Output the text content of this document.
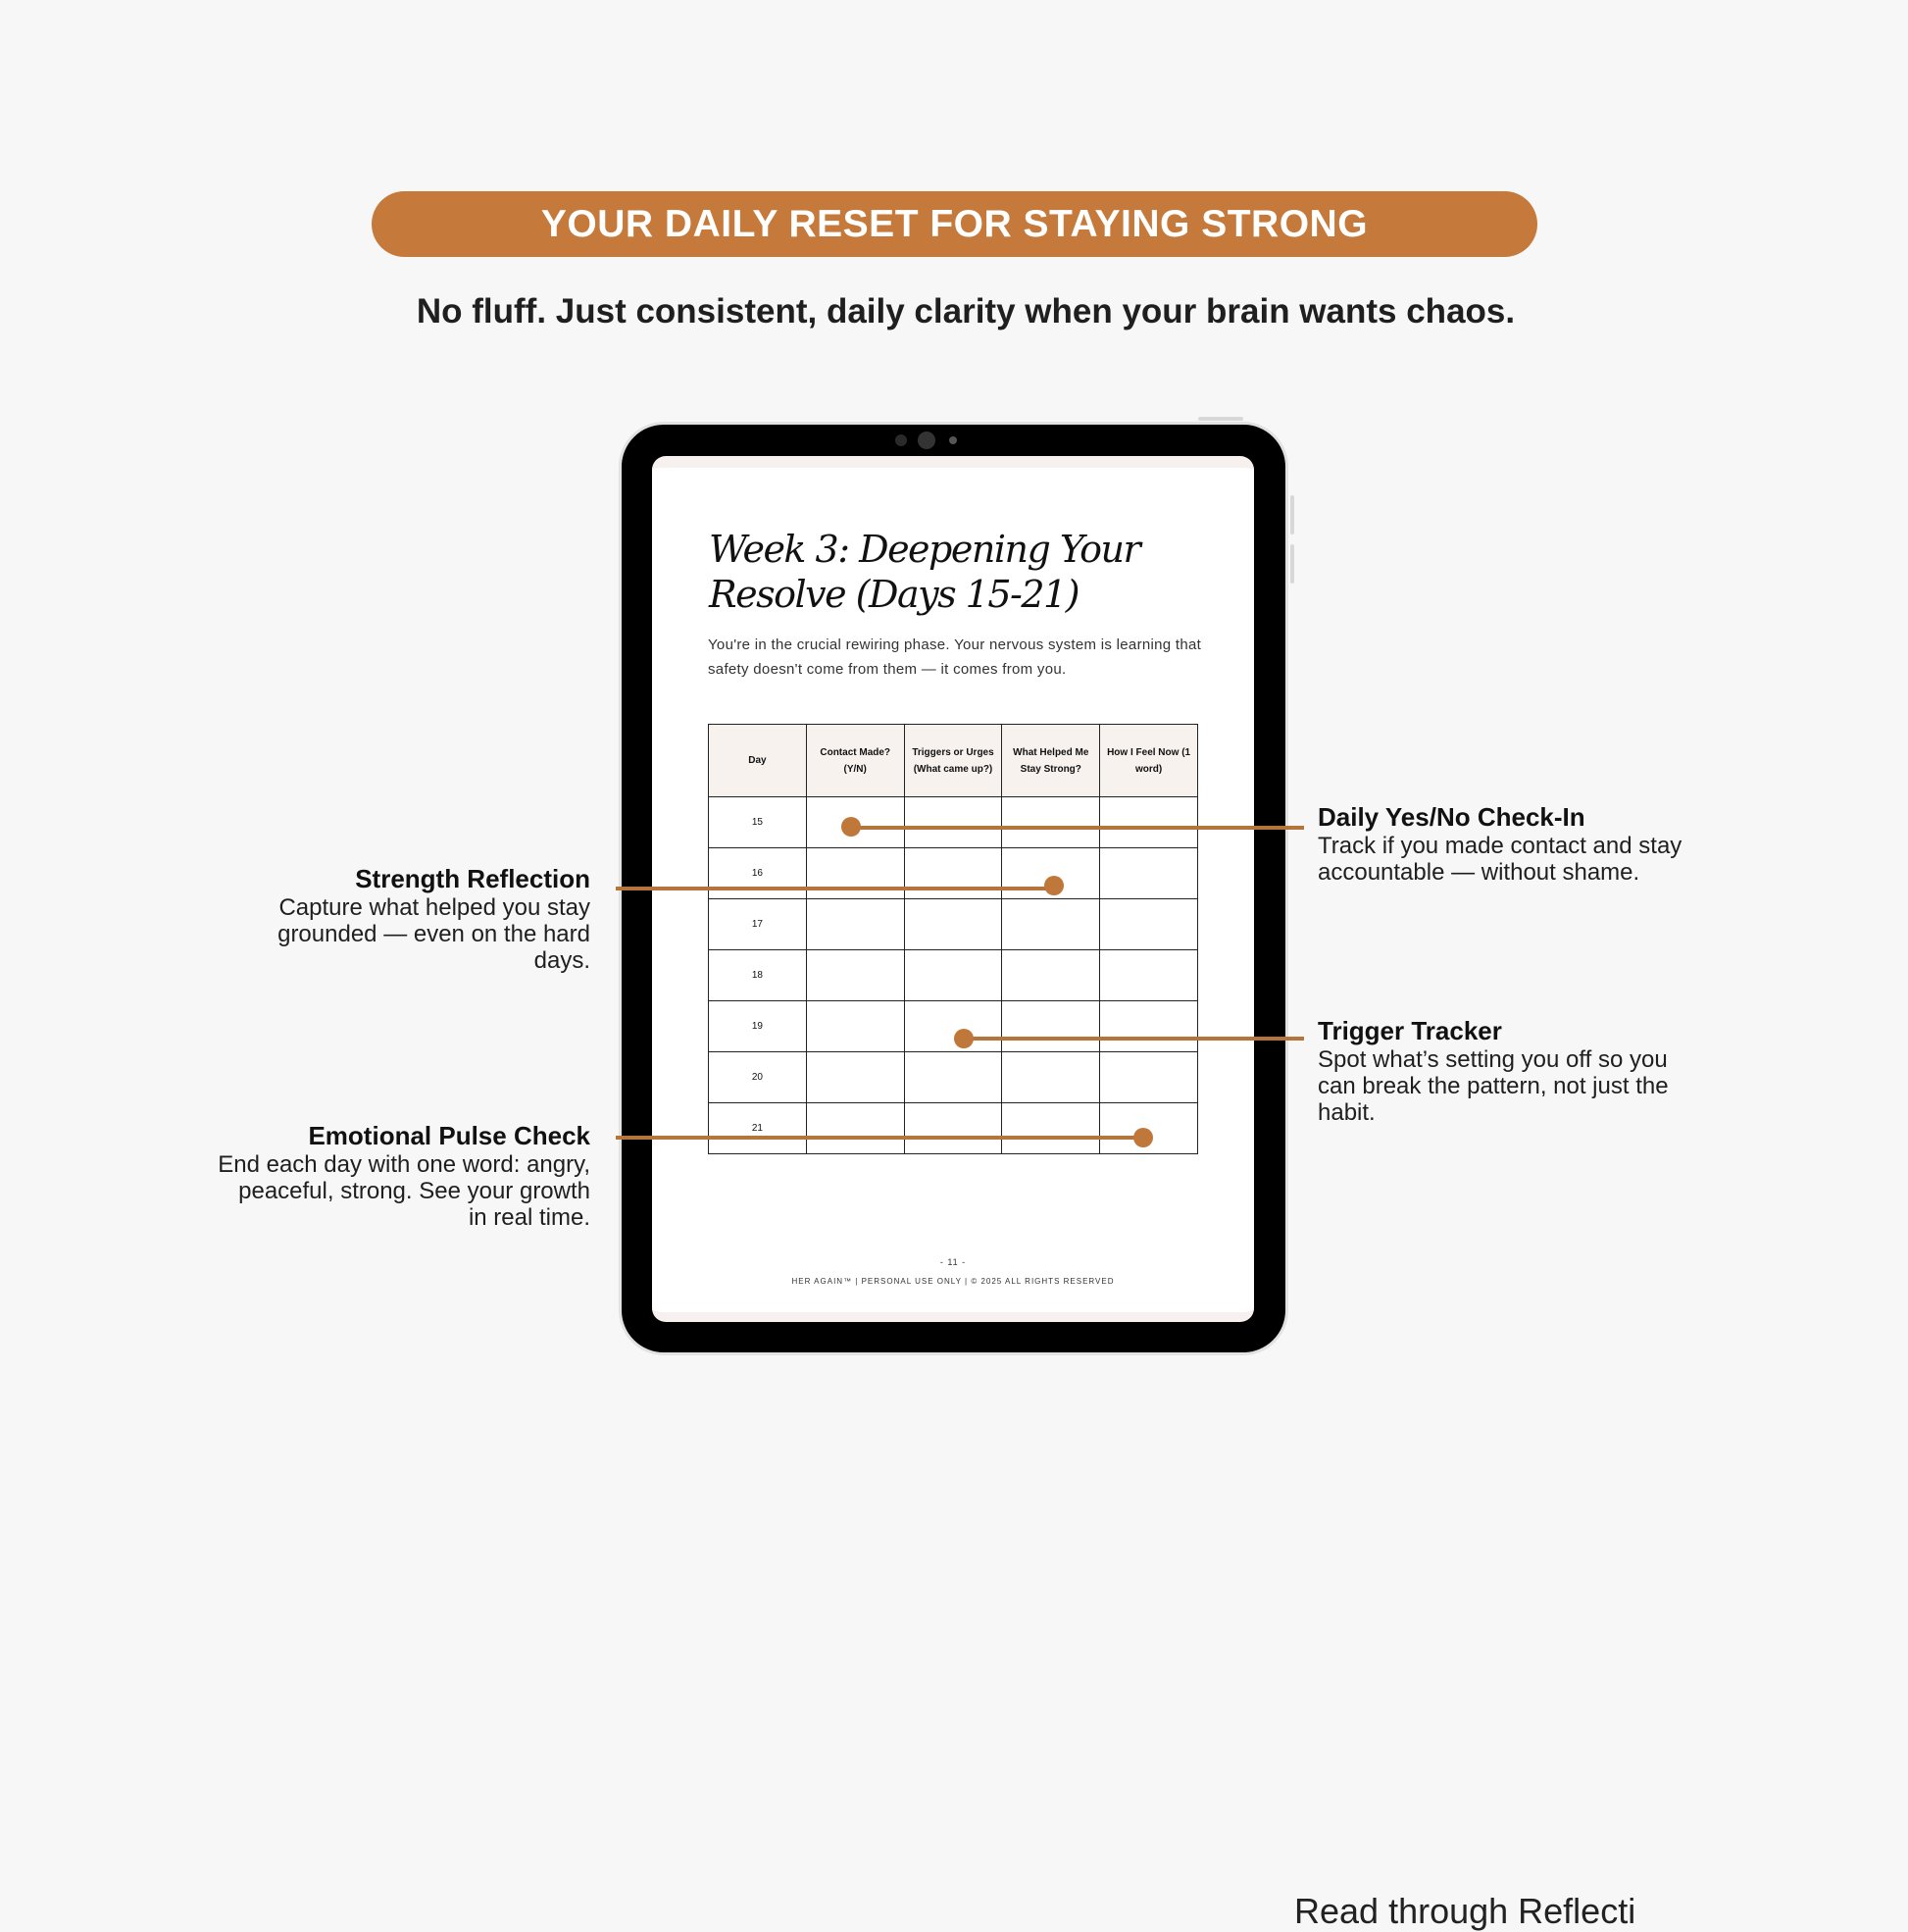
YOUR DAILY RESET FOR STAYING STRONG
No fluff. Just consistent, daily clarity when your brain wants chaos.
Week 3: Deepening Your Resolve (Days 15-21)
You're in the crucial rewiring phase. Your nervous system is learning that safety doesn't come from them — it comes from you.
Day	Contact Made? (Y/N)	Triggers or Urges (What came up?)	What Helped Me Stay Strong?	How I Feel Now (1 word)
15				
16				
17				
18				
19				
20				
21				
- 11 -
HER AGAIN™ | PERSONAL USE ONLY | © 2025 ALL RIGHTS RESERVED
Daily Yes/No Check-In
Track if you made contact and stay accountable — without shame.
Strength Reflection
Capture what helped you stay grounded — even on the hard days.
Trigger Tracker
Spot what’s setting you off so you can break the pattern, not just the habit.
Emotional Pulse Check
End each day with one word: angry, peaceful, strong. See your growth in real time.
Read through Reflecti
